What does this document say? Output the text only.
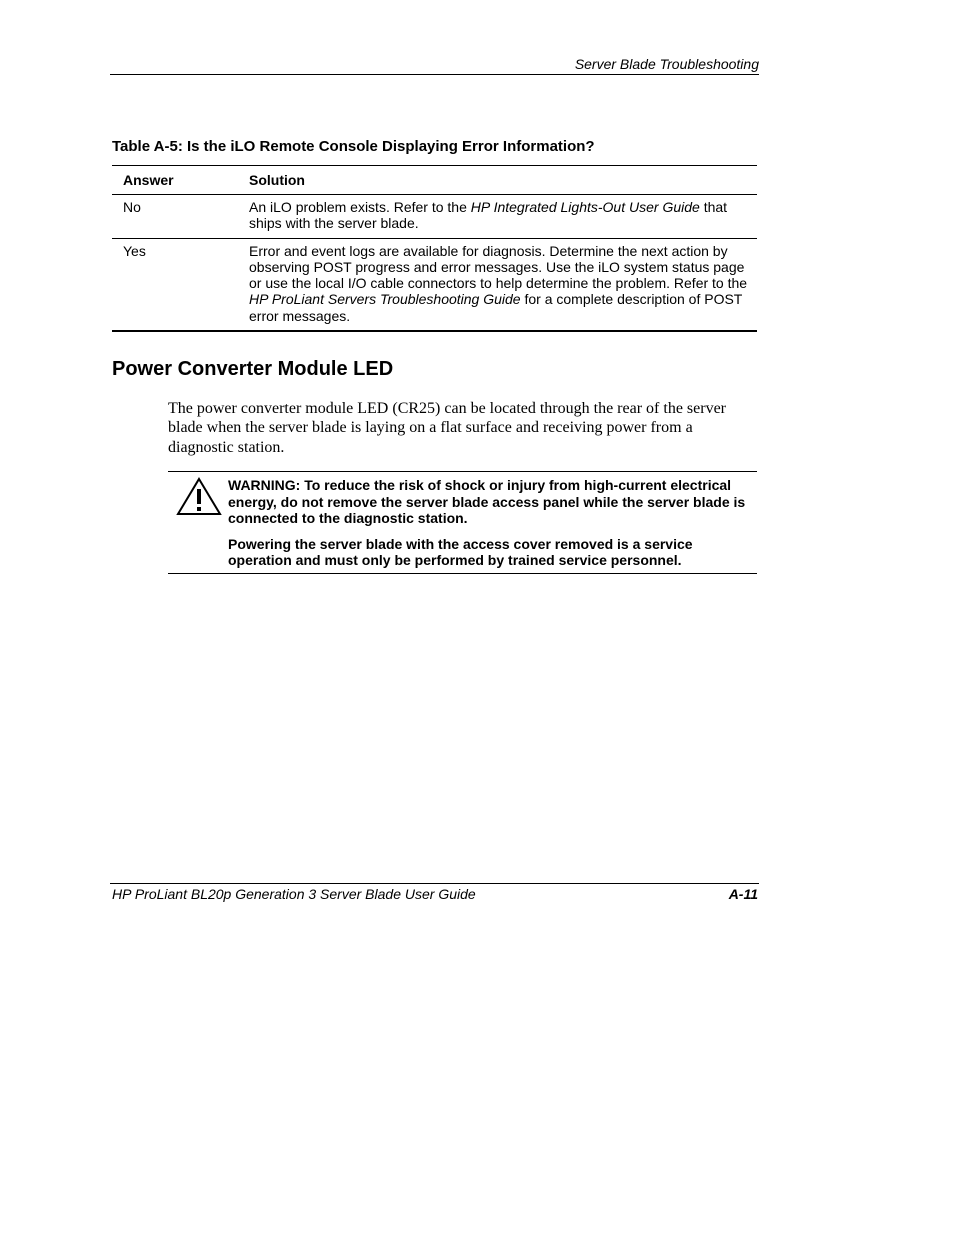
Server Blade Troubleshooting
Table A-5: Is the iLO Remote Console Displaying Error Information?
Answer	Solution
No	An iLO problem exists. Refer to the HP Integrated Lights-Out User Guide that ships with the server blade.
Yes	Error and event logs are available for diagnosis. Determine the next action by observing POST progress and error messages. Use the iLO system status page or use the local I/O cable connectors to help determine the problem. Refer to the HP ProLiant Servers Troubleshooting Guide for a complete description of POST error messages.
Power Converter Module LED
The power converter module LED (CR25) can be located through the rear of the server blade when the server blade is laying on a flat surface and receiving power from a diagnostic station.

WARNING: To reduce the risk of shock or injury from high-current electrical energy, do not remove the server blade access panel while the server blade is connected to the diagnostic station.

Powering the server blade with the access cover removed is a service operation and must only be performed by trained service personnel.

HP ProLiant BL20p Generation 3 Server Blade User Guide	A-11
